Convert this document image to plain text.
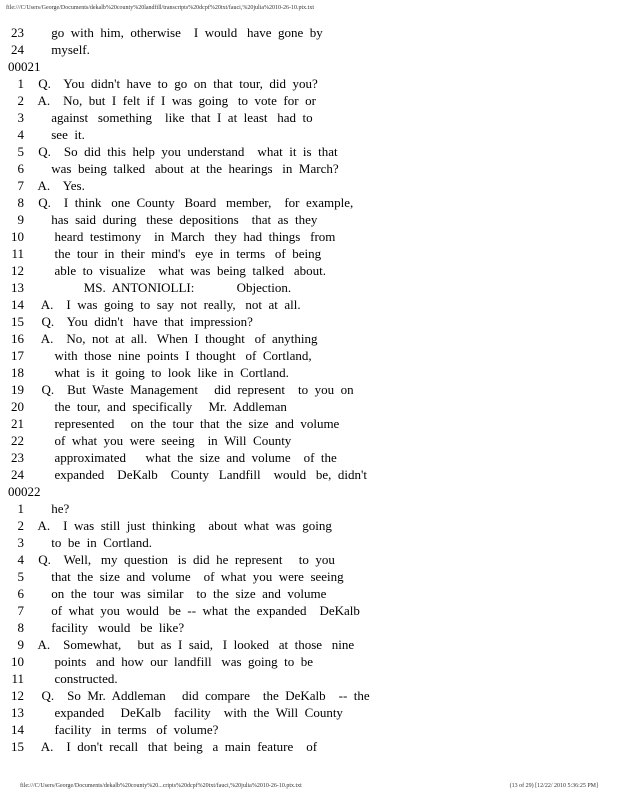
file:///C/Users/George/Documents/dekalb%20county%20landfill/transcripts%20dcpf%20txt/fauci,%20julia%2010-26-10.ptx.txt
23 go  with  him,  otherwise    I  would   have  gone  by
24 myself.
00021
1 Q.    You  didn't  have  to  go  on  that  tour,  did  you?
2 A.    No,  but  I  felt  if  I  was  going   to  vote  for  or
3 against   something    like  that  I  at  least   had  to
4 see  it.
5 Q.    So  did  this  help  you  understand    what  it  is  that
6 was  being  talked   about  at  the  hearings   in  March?
7 A.    Yes.
8 Q.    I  think   one  County   Board   member,    for  example,
9 has  said  during   these  depositions    that  as  they
10 heard  testimony    in  March   they  had  things   from
11 the  tour  in  their  mind's   eye  in  terms   of  being
12 able  to  visualize    what  was  being  talked   about.
13 MS.  ANTONIOLLI:             Objection.
14 A.    I  was  going  to  say  not  really,   not  at  all.
15 Q.    You  didn't   have  that  impression?
16 A.    No,  not  at  all.   When  I  thought   of  anything
17 with  those  nine  points  I  thought   of  Cortland,
18 what  is  it  going  to  look  like  in  Cortland.
19 Q.    But  Waste  Management     did  represent    to  you  on
20 the  tour,  and  specifically     Mr.  Addleman
21 represented     on  the  tour  that  the  size  and  volume
22 of  what  you  were  seeing    in  Will  County
23 approximated      what  the  size  and  volume    of  the
24 expanded    DeKalb    County   Landfill    would   be,  didn't
00022
1 he?
2 A.    I  was  still  just  thinking    about  what  was  going
3 to  be  in  Cortland.
4 Q.    Well,   my  question   is  did  he  represent     to  you
5 that  the  size  and  volume    of  what  you  were  seeing
6 on  the  tour  was  similar    to  the  size  and  volume
7 of  what  you  would   be  --  what  the  expanded    DeKalb
8 facility   would   be  like?
9 A.    Somewhat,     but  as  I  said,   I  looked   at  those   nine
10 points   and  how  our  landfill   was  going  to  be
11 constructed.
12 Q.    So  Mr.  Addleman     did  compare    the  DeKalb    --  the
13 expanded     DeKalb    facility    with  the  Will  County
14 facility   in  terms   of  volume?
15 A.    I  don't  recall   that  being   a  main  feature    of
file:///C/Users/George/Documents/dekalb%20county%20...cripts%20dcpf%20txt/fauci,%20julia%2010-26-10.ptx.txt	(13 of 29) [12/22/ 2010 5:36:25 PM]
